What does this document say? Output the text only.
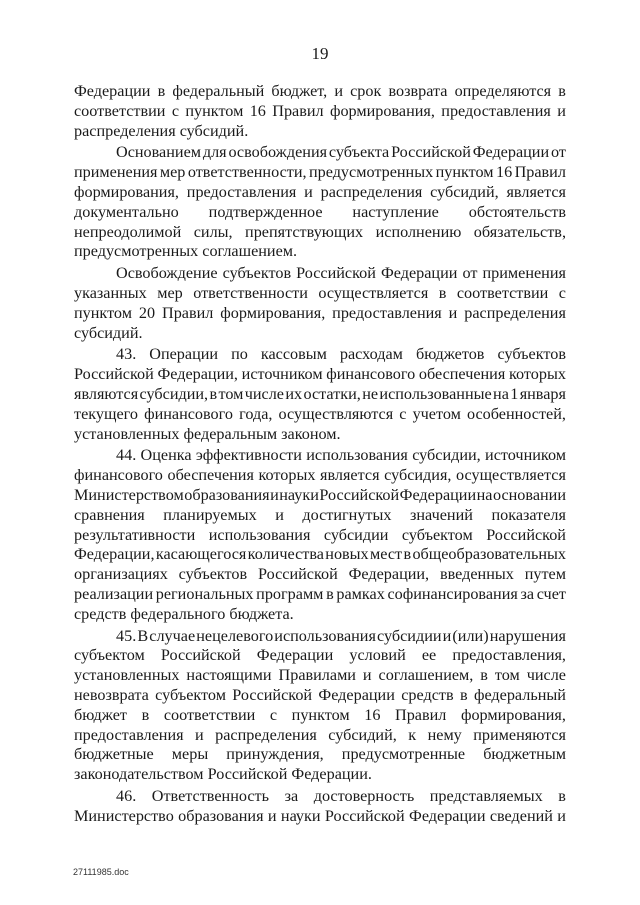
19
Федерации в федеральный бюджет, и срок возврата определяются в
соответствии с пунктом 16 Правил формирования, предоставления и
распределения субсидий.
Основанием для освобождения субъекта Российской Федерации от
применения мер ответственности, предусмотренных пунктом 16 Правил
формирования, предоставления и распределения субсидий, является
документально подтвержденное наступление обстоятельств
непреодолимой силы, препятствующих исполнению обязательств,
предусмотренных соглашением.
Освобождение субъектов Российской Федерации от применения
указанных мер ответственности осуществляется в соответствии с
пунктом 20 Правил формирования, предоставления и распределения
субсидий.
43. Операции по кассовым расходам бюджетов субъектов
Российской Федерации, источником финансового обеспечения которых
являются субсидии, в том числе их остатки, не использованные на 1 января
текущего финансового года, осуществляются с учетом особенностей,
установленных федеральным законом.
44. Оценка эффективности использования субсидии, источником
финансового обеспечения которых является субсидия, осуществляется
Министерством образования и науки Российской Федерации на основании
сравнения планируемых и достигнутых значений показателя
результативности использования субсидии субъектом Российской
Федерации, касающегося количества новых мест в общеобразовательных
организациях субъектов Российской Федерации, введенных путем
реализации региональных программ в рамках софинансирования за счет
средств федерального бюджета.
45. В случае нецелевого использования субсидии и (или) нарушения
субъектом Российской Федерации условий ее предоставления,
установленных настоящими Правилами и соглашением, в том числе
невозврата субъектом Российской Федерации средств в федеральный
бюджет в соответствии с пунктом 16 Правил формирования,
предоставления и распределения субсидий, к нему применяются
бюджетные меры принуждения, предусмотренные бюджетным
законодательством Российской Федерации.
46. Ответственность за достоверность представляемых в
Министерство образования и науки Российской Федерации сведений и
27111985.doc
